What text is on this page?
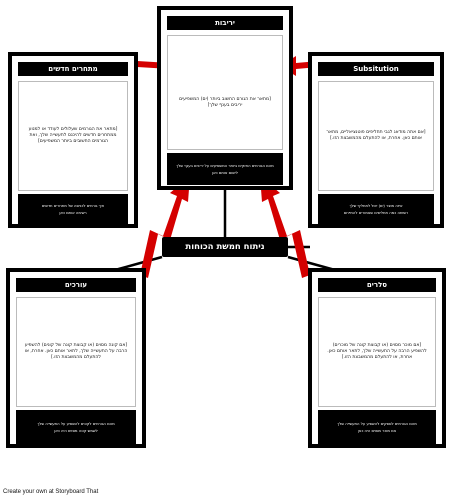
יריבות
[מתאר את הגורם החשוב ביותר (ים) המשפיעים יריבים בענף שלך]
מהם הגורמים החזקים ביותר המשפיעים על יריבים בענף שלך
לישום אותם כאן
מתחרים חדשים
[מתאר את הגורמים שעלולים לעודד או למנוע ממתחרים חדשים להיכנס לתעשייה שלך, ואת הגורמים החשובים ביותר המשפיעים]
איך גורמים לכניסה של מתחרים חדשים
רשימה אותם כאן
Subsitution
[אם אתה מודאג לגבי תחליפים פוטנציאליים, מתאר אותם כאן. אחרת, או להתעלם מהמשבצת הזו.]
איזה מוצר (ים) יכול לתחליף שלך
רשימה כמה תחליפים שאמורים להתייחס
עורכים
[אם קונה מסוים (או קבוצת קונה של קונים) להשפיע הרבה על התעשייה שלך, לתאר אותם כאן. אחרת, או להתעלם מהמשבצת הזו.]
מהם הגורמים לקונים להשפיע על התעשייה שלך
לשמש קונה מסוים היה כאן
סלרים
[אם מוכר מסוים (או קבוצת קונה של מוכרים) להשפיע הרבה על התעשייה שלך, לתאר אותם כאן. אחרת, או להתעלם מהמשבצת הזו.]
מהם הגורמים לספקים להשפיע על התעשייה שלך
אם מוכר מסוים היה כאן
ניתוח חמשת הכוחות
Create your own at Storyboard That
